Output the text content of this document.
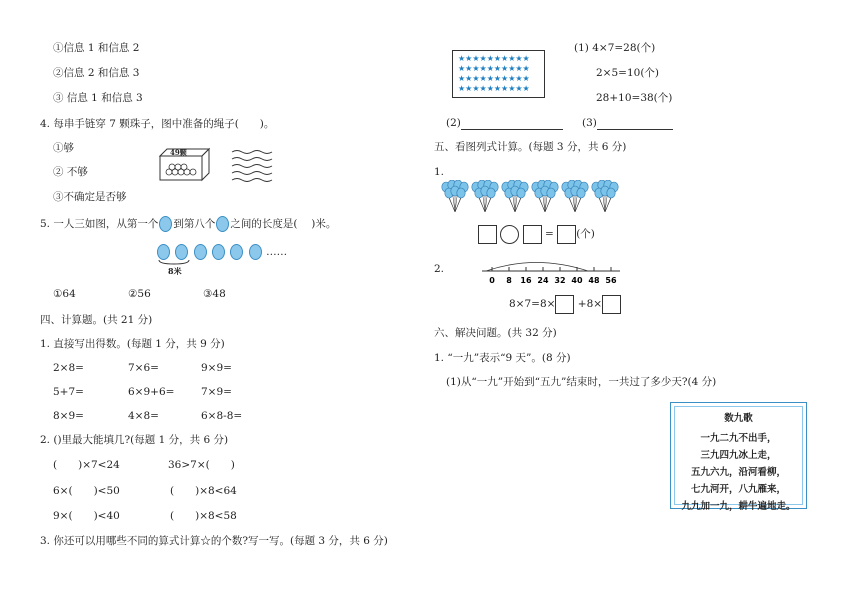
①信息 1 和信息 2
②信息 2 和信息 3
③ 信息 1 和信息 3
4. 每串手链穿 7 颗珠子，图中准备的绳子(　　)。
①够
② 不够
③不确定是否够
49颗
5. 一人三如图，从第一个 到第八个 之间的长度是(　 )米。
……
8米
①64	②56	③48
四、计算题。(共 21 分)
1. 直接写出得数。(每题 1 分，共 9 分)
2×8=	7×6=	9×9=
5+7=	6×9+6=	7×9=
8×9=	4×8=	6×8-8=
2. ()里最大能填几?(每题 1 分，共 6 分)
(　　)×7<24	36>7×(　　)
6×(　　)<50	(　　)×8<64
9×(　　)<40	(　　)×8<58
3. 你还可以用哪些不同的算式计算☆的个数?写一写。(每题 3 分，共 6 分)
★★★★★★★★★★
★★★★★★★★★★
★★★★★★★★★★
★★★★★★★★★★
(1) 4×7=28(个)
2×5=10(个)
28+10=38(个)
(2)	(3)
五、看图列式计算。(每题 3 分，共 6 分)
1.
= (个)
2.
0 8 16 24 32 40 48 56
8×7=8× +8×
六、解决问题。(共 32 分)
1. “一九”表示“9 天”。(8 分)
(1)从“一九”开始到“五九”结束时，一共过了多少天?(4 分)
数九歌
一九二九不出手，
三九四九冰上走，
五九六九，沿河看柳，
七九河开，八九雁来，
九九加一九，耕牛遍地走。
